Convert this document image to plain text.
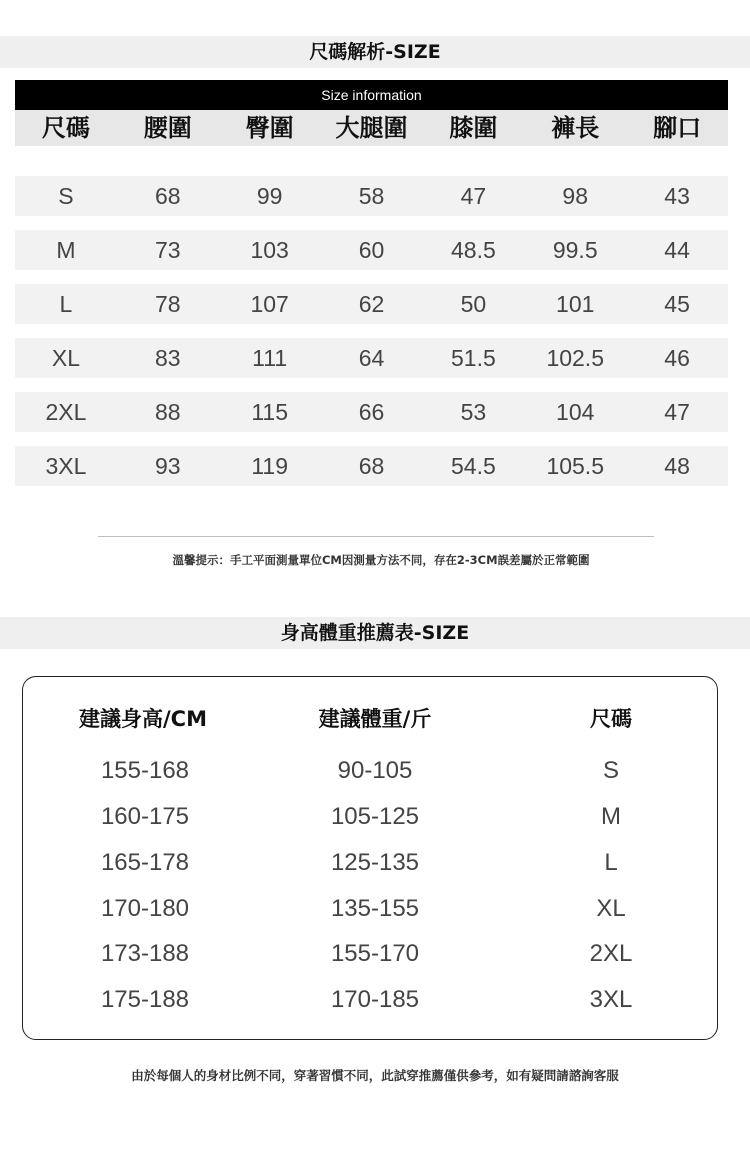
尺碼解析-SIZE
Size information
尺碼	腰圍	臀圍	大腿圍	膝圍	褲長	腳口
S	68	99	58	47	98	43
M	73	103	60	48.5	99.5	44
L	78	107	62	50	101	45
XL	83	111	64	51.5	102.5	46
2XL	88	115	66	53	104	47
3XL	93	119	68	54.5	105.5	48
溫馨提示：手工平面測量單位CM因測量方法不同，存在2-3CM誤差屬於正常範圍
身高體重推薦表-SIZE
建議身高/CM	建議體重/斤	尺碼
155-168	90-105	S
160-175	105-125	M
165-178	125-135	L
170-180	135-155	XL
173-188	155-170	2XL
175-188	170-185	3XL
由於每個人的身材比例不同，穿著習慣不同，此試穿推薦僅供參考，如有疑問請諮詢客服
